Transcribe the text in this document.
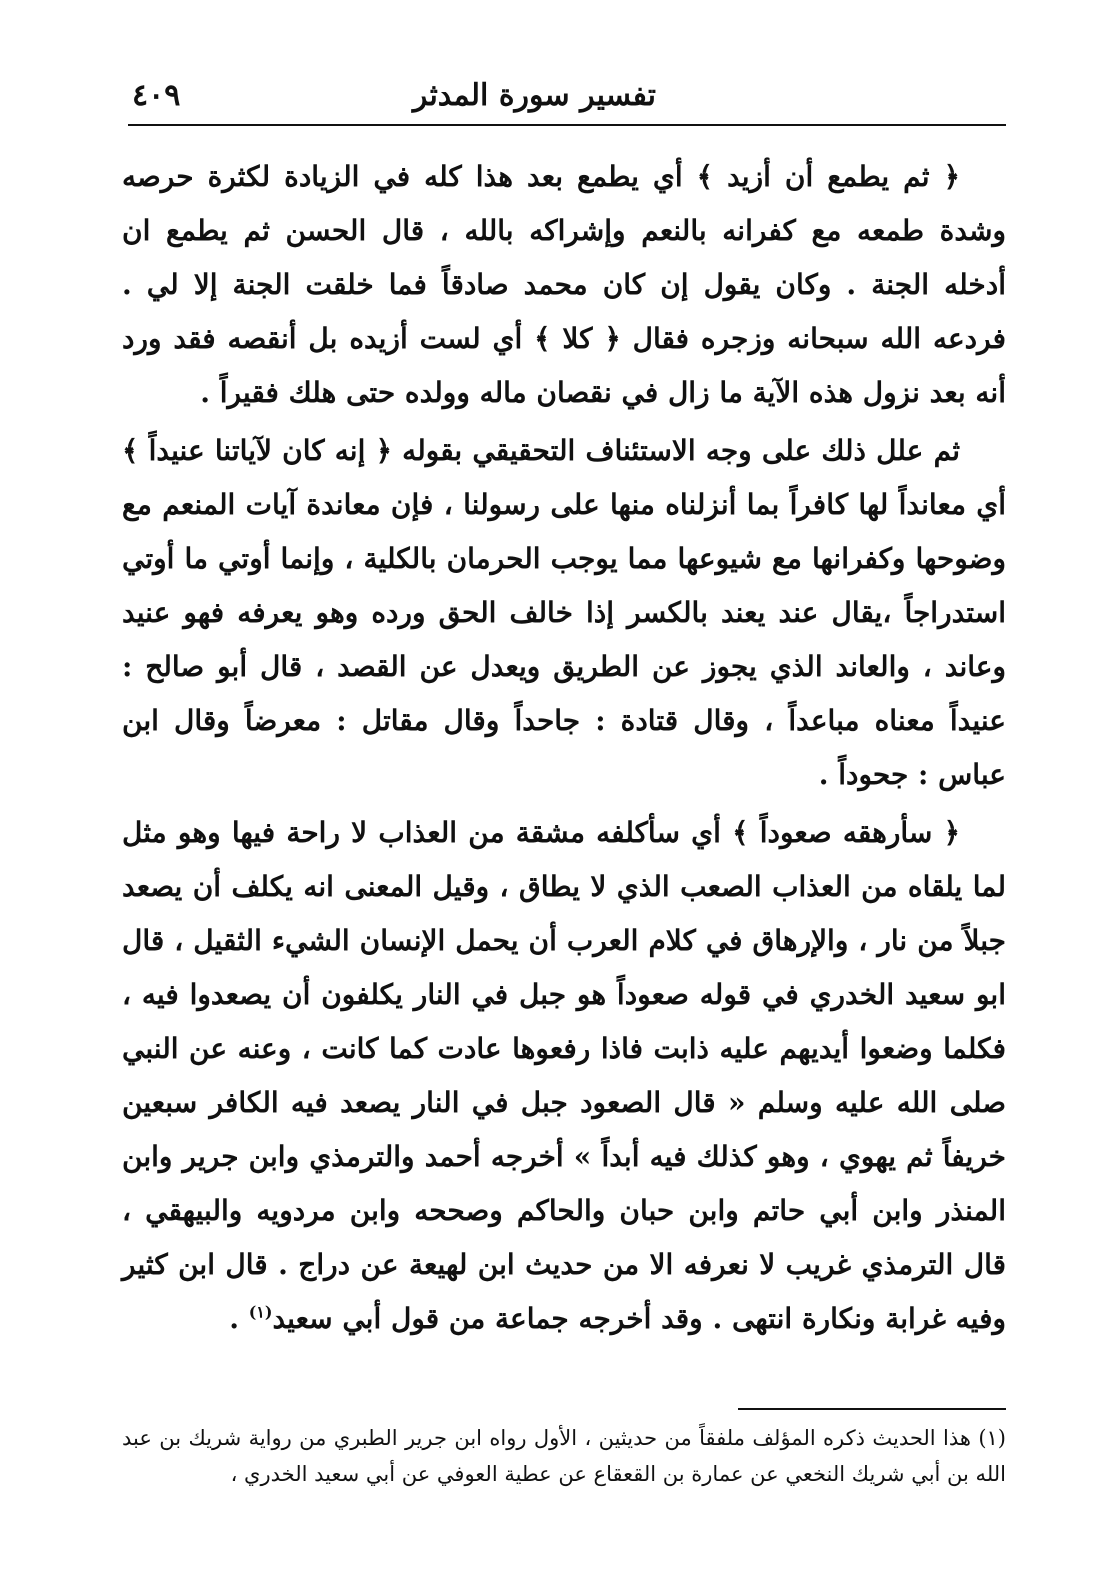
تفسير سورة المدثر
٤٠٩

﴿ ثم يطمع أن أزيد ﴾ أي يطمع بعد هذا كله في الزيادة لكثرة حرصه وشدة طمعه مع كفرانه بالنعم وإشراكه بالله ، قال الحسن ثم يطمع ان أدخله الجنة . وكان يقول إن كان محمد صادقاً فما خلقت الجنة إلا لي . فردعه الله سبحانه وزجره فقال ﴿ كلا ﴾ أي لست أزيده بل أنقصه فقد ورد أنه بعد نزول هذه الآية ما زال في نقصان ماله وولده حتى هلك فقيراً .

ثم علل ذلك على وجه الاستئناف التحقيقي بقوله ﴿ إنه كان لآياتنا عنيداً ﴾ أي معانداً لها كافراً بما أنزلناه منها على رسولنا ، فإن معاندة آيات المنعم مع وضوحها وكفرانها مع شيوعها مما يوجب الحرمان بالكلية ، وإنما أوتي ما أوتي استدراجاً ،يقال عند يعند بالكسر إذا خالف الحق ورده وهو يعرفه فهو عنيد وعاند ، والعاند الذي يجوز عن الطريق ويعدل عن القصد ، قال أبو صالح : عنيداً معناه مباعداً ، وقال قتادة : جاحداً وقال مقاتل : معرضاً وقال ابن عباس : جحوداً .

﴿ سأرهقه صعوداً ﴾ أي سأكلفه مشقة من العذاب لا راحة فيها وهو مثل لما يلقاه من العذاب الصعب الذي لا يطاق ، وقيل المعنى انه يكلف أن يصعد جبلاً من نار ، والإرهاق في كلام العرب أن يحمل الإنسان الشيء الثقيل ، قال ابو سعيد الخدري في قوله صعوداً هو جبل في النار يكلفون أن يصعدوا فيه ، فكلما وضعوا أيديهم عليه ذابت فاذا رفعوها عادت كما كانت ، وعنه عن النبي صلى الله عليه وسلم « قال الصعود جبل في النار يصعد فيه الكافر سبعين خريفاً ثم يهوي ، وهو كذلك فيه أبداً » أخرجه أحمد والترمذي وابن جرير وابن المنذر وابن أبي حاتم وابن حبان والحاكم وصححه وابن مردويه والبيهقي ، قال الترمذي غريب لا نعرفه الا من حديث ابن لهيعة عن دراج . قال ابن كثير وفيه غرابة ونكارة انتهى . وقد أخرجه جماعة من قول أبي سعيد$^{(١)}$ .

(١) هذا الحديث ذكره المؤلف ملفقاً من حديثين ، الأول رواه ابن جرير الطبري من رواية شريك بن عبد الله بن أبي شريك النخعي عن عمارة بن القعقاع عن عطية العوفي عن أبي سعيد الخدري ،
